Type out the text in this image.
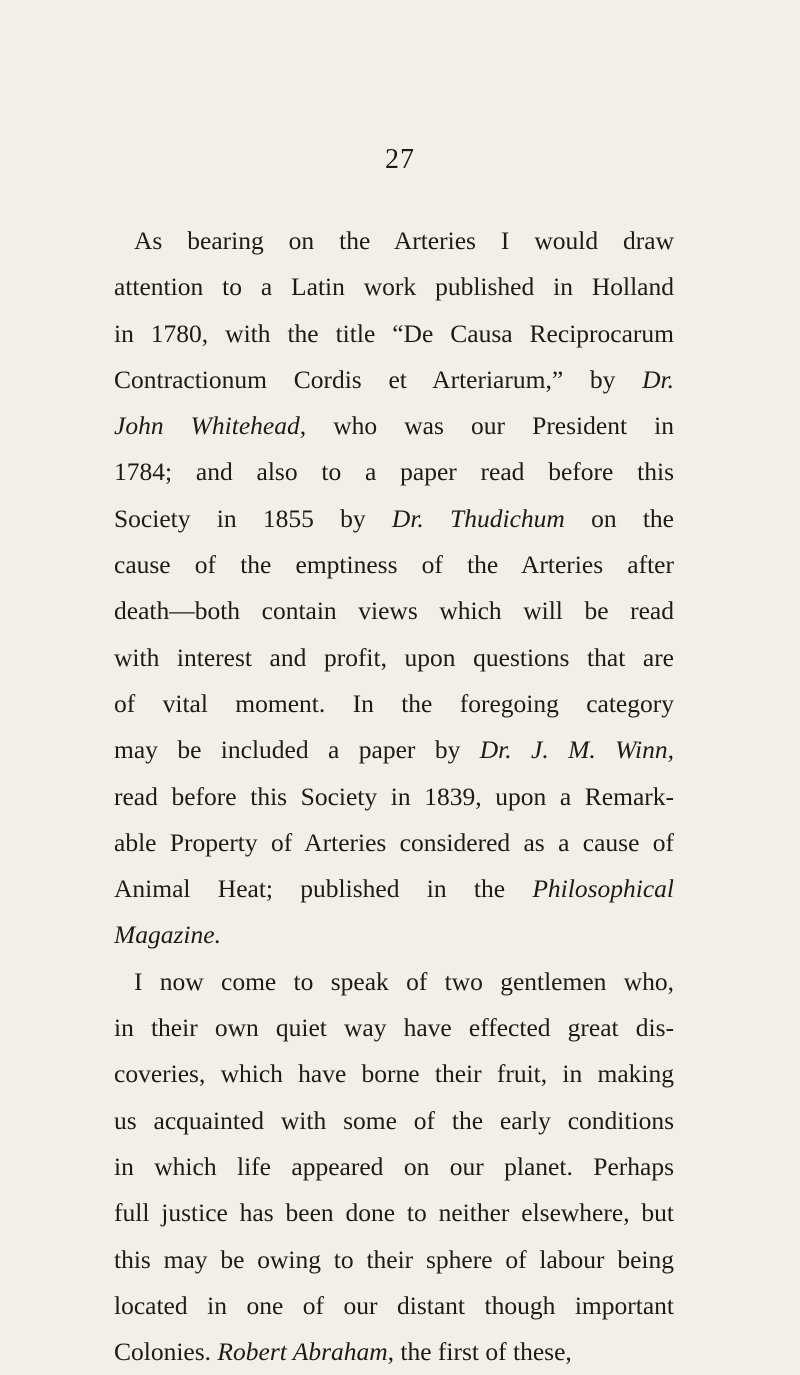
27
As bearing on the Arteries I would draw
attention to a Latin work published in Holland
in 1780, with the title “De Causa Reciprocarum
Contractionum Cordis et Arteriarum,” by Dr.
John Whitehead, who was our President in
1784; and also to a paper read before this
Society in 1855 by Dr. Thudichum on the
cause of the emptiness of the Arteries after
death—both contain views which will be read
with interest and profit, upon questions that are
of vital moment. In the foregoing category
may be included a paper by Dr. J. M. Winn,
read before this Society in 1839, upon a Remark-
able Property of Arteries considered as a cause of
Animal Heat; published in the Philosophical
Magazine.
I now come to speak of two gentlemen who,
in their own quiet way have effected great dis-
coveries, which have borne their fruit, in making
us acquainted with some of the early conditions
in which life appeared on our planet. Perhaps
full justice has been done to neither elsewhere, but
this may be owing to their sphere of labour being
located in one of our distant though important
Colonies. Robert Abraham, the first of these,
